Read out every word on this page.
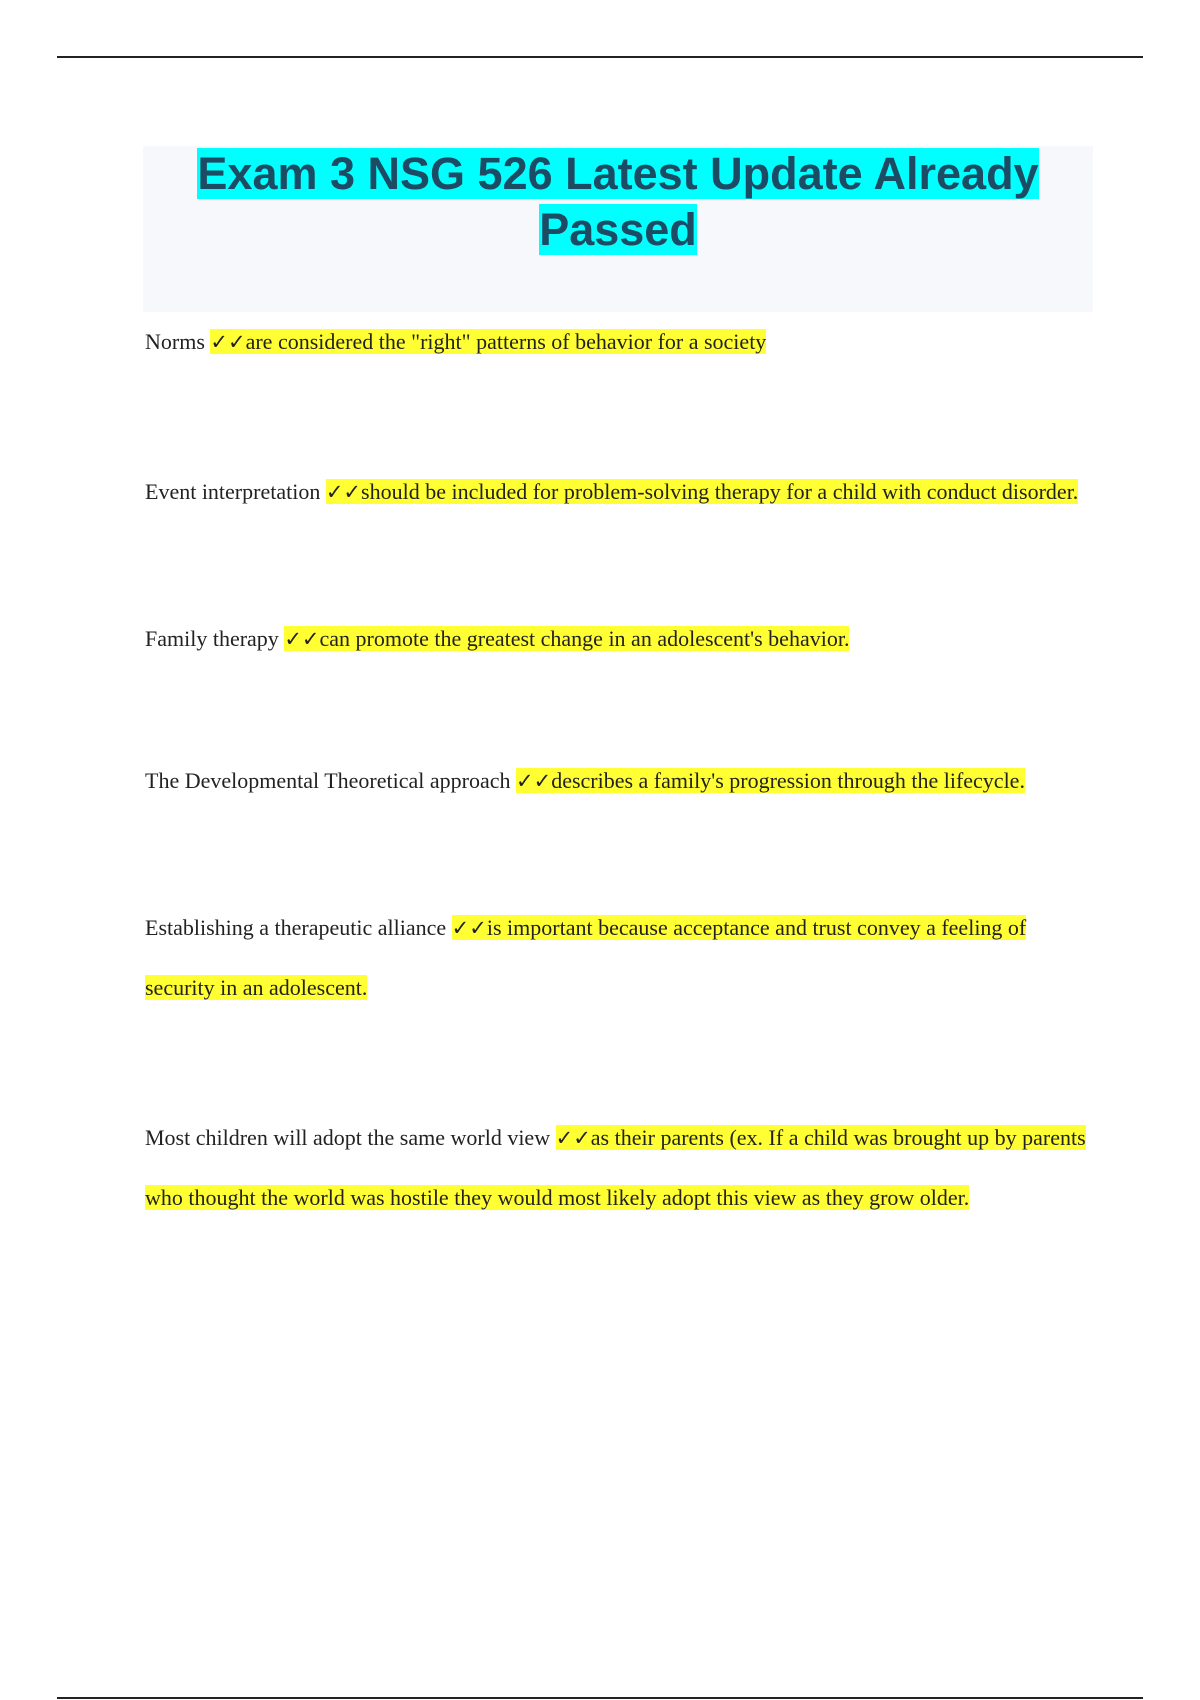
Exam 3 NSG 526 Latest Update Already Passed
Norms ✓✓are considered the "right" patterns of behavior for a society
Event interpretation ✓✓should be included for problem-solving therapy for a child with conduct disorder.
Family therapy ✓✓can promote the greatest change in an adolescent's behavior.
The Developmental Theoretical approach ✓✓describes a family's progression through the lifecycle.
Establishing a therapeutic alliance ✓✓is important because acceptance and trust convey a feeling of security in an adolescent.
Most children will adopt the same world view ✓✓as their parents (ex. If a child was brought up by parents who thought the world was hostile they would most likely adopt this view as they grow older.
